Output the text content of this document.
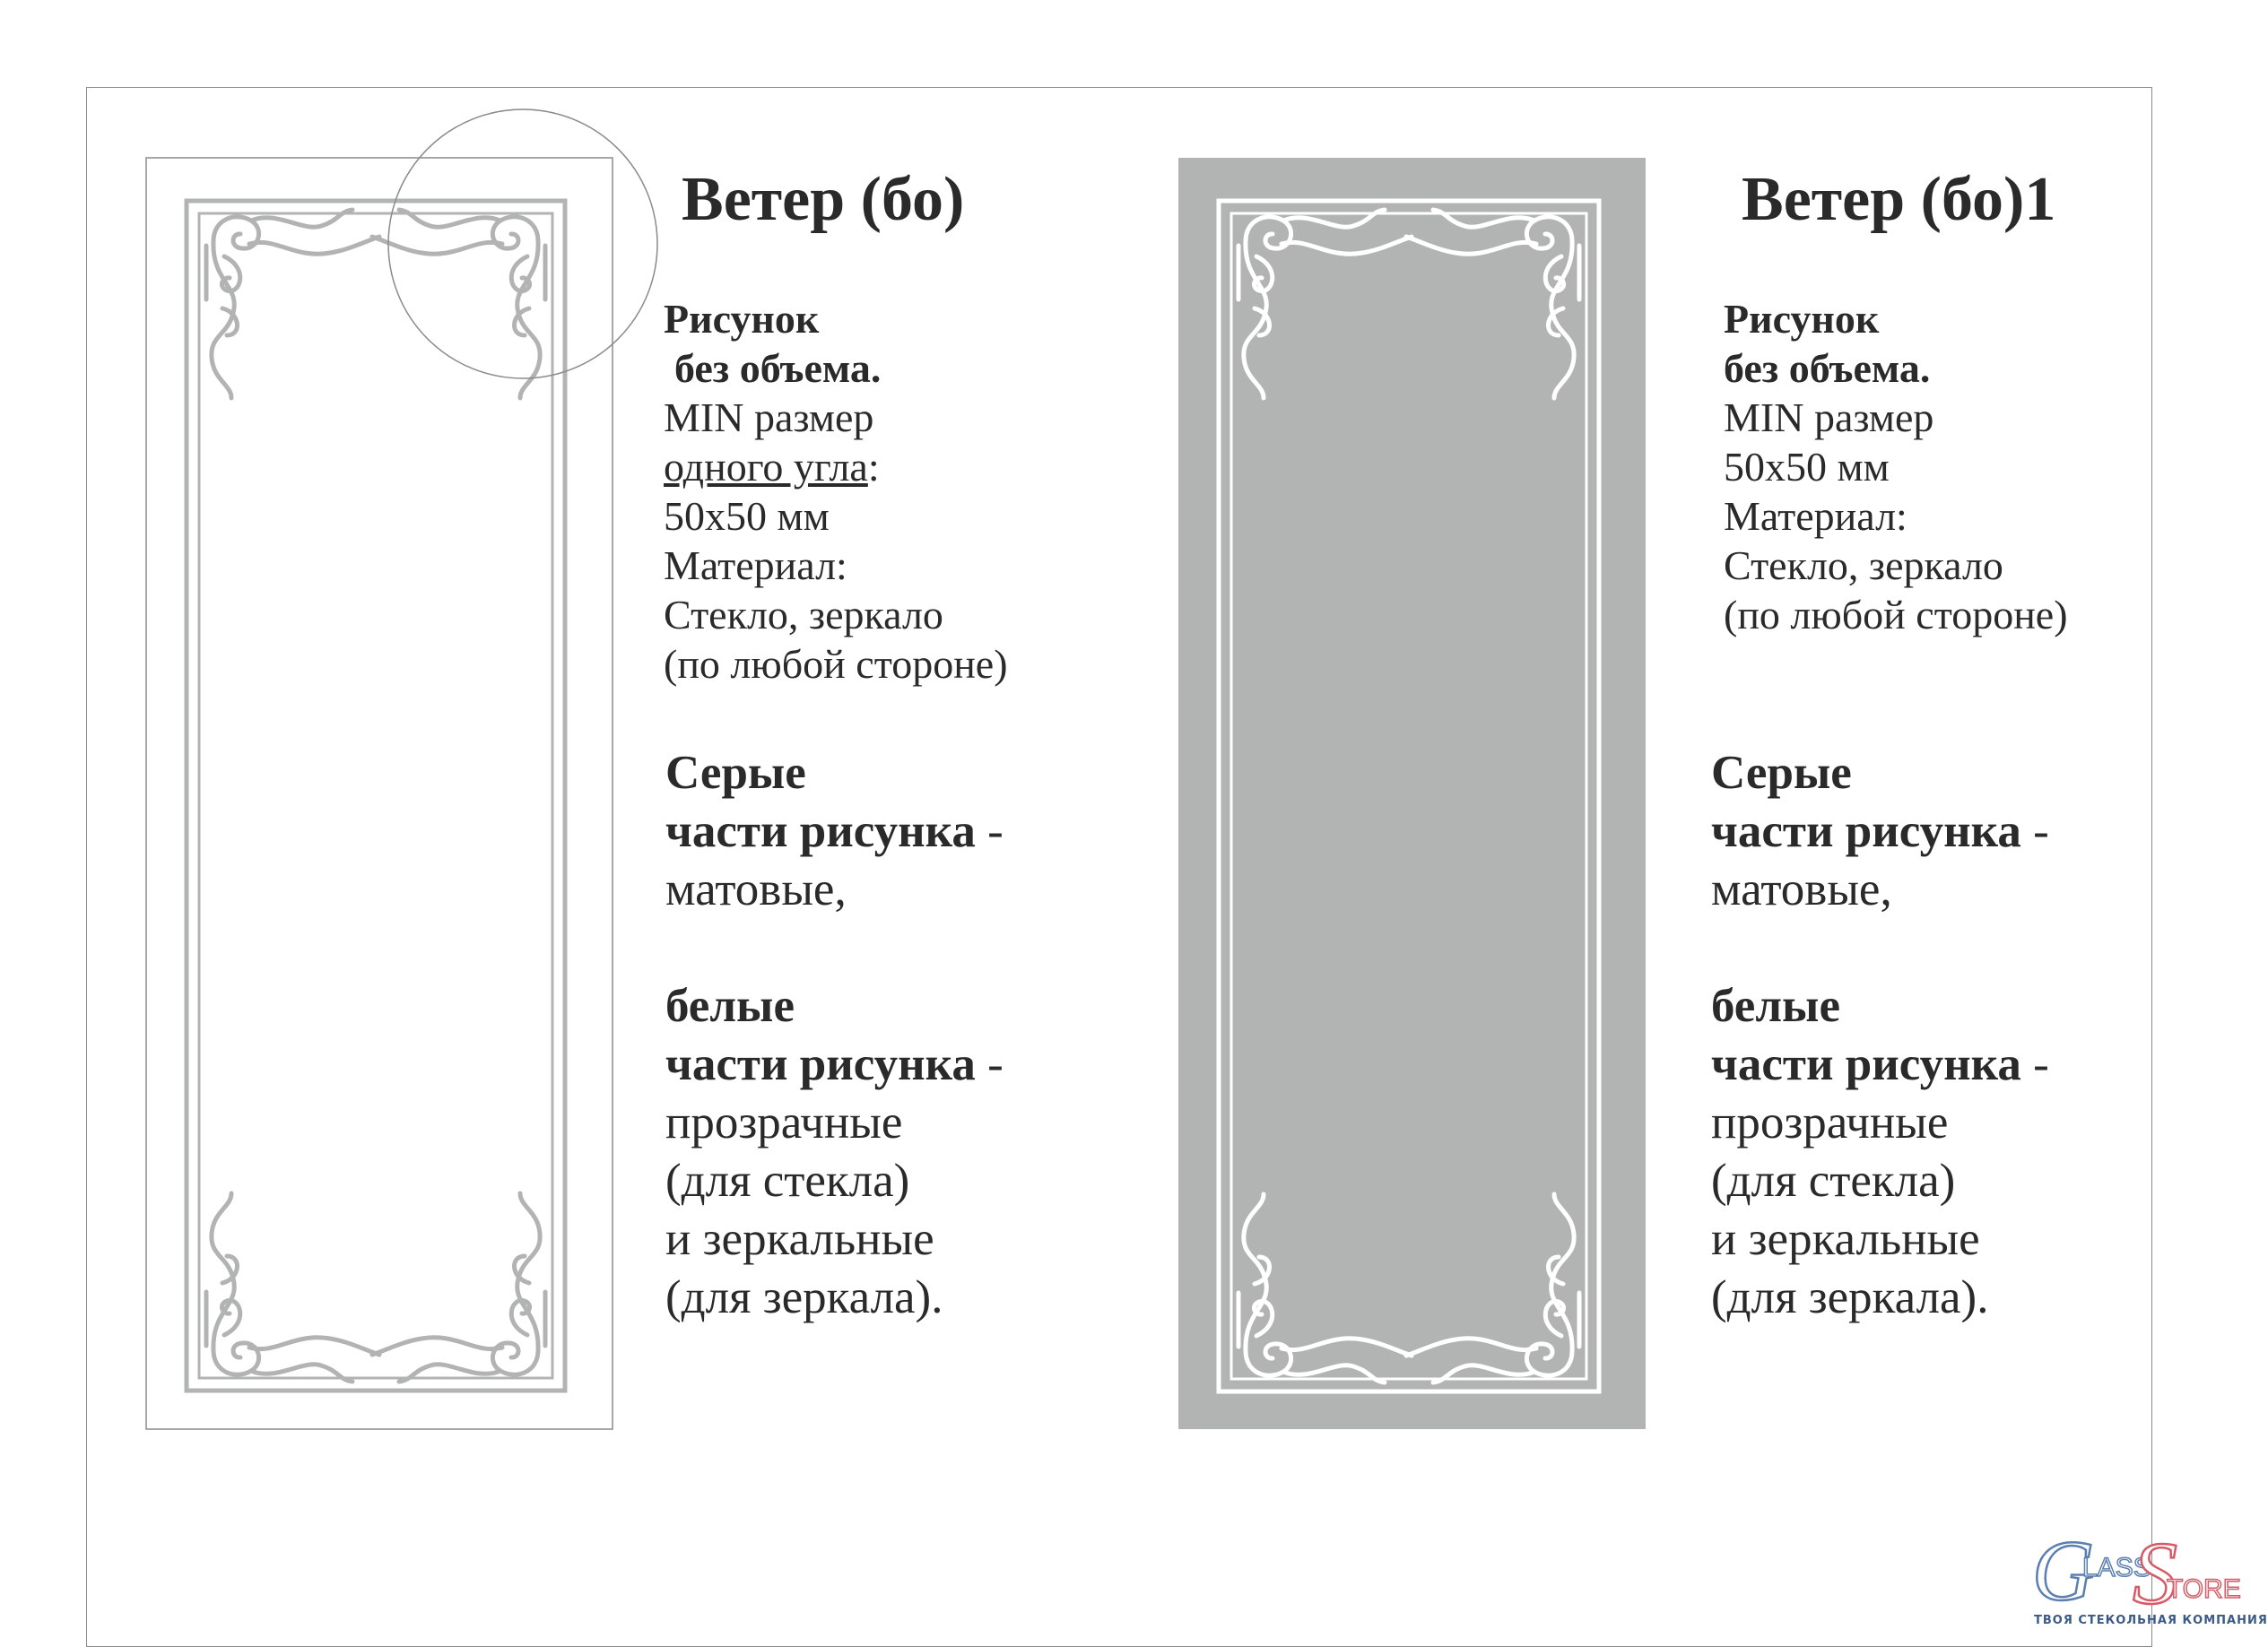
Ветер (бо)
Рисунок
без объема.
MIN размер
одного угла:
50x50 мм
Материал:
Стекло, зеркало
(по любой стороне)
Серые
части рисунка -
матовые,
белые
части рисунка -
прозрачные
(для стекла)
и зеркальные
(для зеркала).
Ветер (бо)1
Рисунок
без объема.
MIN размер
50x50 мм
Материал:
Стекло, зеркало
(по любой стороне)
Серые
части рисунка -
матовые,
белые
части рисунка -
прозрачные
(для стекла)
и зеркальные
(для зеркала).
G
LASS
S
TORE
ТВОЯ СТЕКОЛЬНАЯ КОМПАНИЯ
